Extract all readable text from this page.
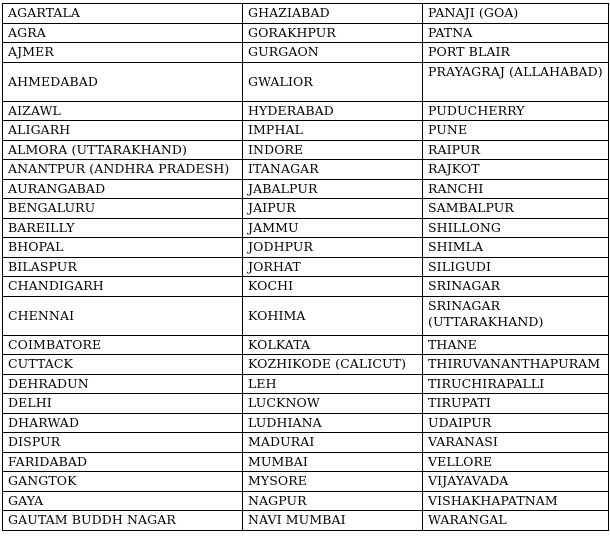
AGARTALA	GHAZIABAD	PANAJI (GOA)
AGRA	GORAKHPUR	PATNA
AJMER	GURGAON	PORT BLAIR
AHMEDABAD	GWALIOR	PRAYAGRAJ (ALLAHABAD)
AIZAWL	HYDERABAD	PUDUCHERRY
ALIGARH	IMPHAL	PUNE
ALMORA (UTTARAKHAND)	INDORE	RAIPUR
ANANTPUR (ANDHRA PRADESH)	ITANAGAR	RAJKOT
AURANGABAD	JABALPUR	RANCHI
BENGALURU	JAIPUR	SAMBALPUR
BAREILLY	JAMMU	SHILLONG
BHOPAL	JODHPUR	SHIMLA
BILASPUR	JORHAT	SILIGUDI
CHANDIGARH	KOCHI	SRINAGAR
CHENNAI	KOHIMA	SRINAGAR (UTTARAKHAND)
COIMBATORE	KOLKATA	THANE
CUTTACK	KOZHIKODE (CALICUT)	THIRUVANANTHAPURAM
DEHRADUN	LEH	TIRUCHIRAPALLI
DELHI	LUCKNOW	TIRUPATI
DHARWAD	LUDHIANA	UDAIPUR
DISPUR	MADURAI	VARANASI
FARIDABAD	MUMBAI	VELLORE
GANGTOK	MYSORE	VIJAYAVADA
GAYA	NAGPUR	VISHAKHAPATNAM
GAUTAM BUDDH NAGAR	NAVI MUMBAI	WARANGAL
